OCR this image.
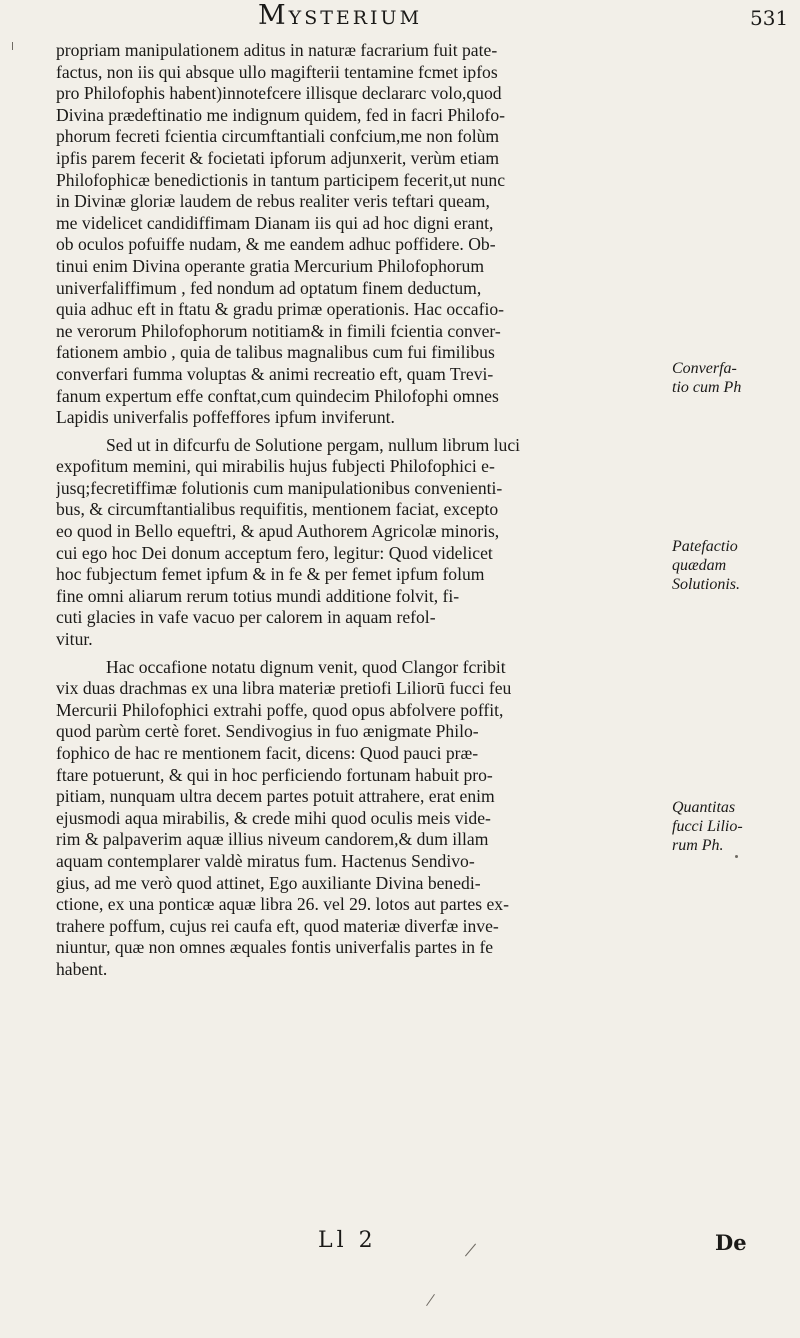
Mysterium	531
propriam manipulationem aditus in naturæ facrarium fuit pate-
factus, non iis qui absque ullo magifterii tentamine fcmet ipfos
pro Philofophis habent)innotefcere illisque declararc volo,quod
Divina prædeftinatio me indignum quidem, fed in facri Philofo-
phorum fecreti fcientia circumftantiali confcium,me non folùm
ipfis parem fecerit & focietati ipforum adjunxerit, verùm etiam
Philofophicæ benedictionis in tantum participem fecerit,ut nunc
in Divinæ gloriæ laudem de rebus realiter veris teftari queam,
me videlicet candidiffimam Dianam iis qui ad hoc digni erant,
ob oculos pofuiffe nudam, & me eandem adhuc poffidere. Ob-
tinui enim Divina operante gratia Mercurium Philofophorum
univerfaliffimum , fed nondum ad optatum finem deductum,
quia adhuc eft in ftatu & gradu primæ operationis. Hac occafio-
ne verorum Philofophorum notitiam& in fimili fcientia conver-
fationem ambio , quia de talibus magnalibus cum fui fimilibus
converfari fumma voluptas & animi recreatio eft, quam Trevi-
fanum expertum effe conftat,cum quindecim Philofophi omnes
Lapidis univerfalis poffeffores ipfum inviferunt.
Sed ut in difcurfu de Solutione pergam, nullum librum luci
expofitum memini, qui mirabilis hujus fubjecti Philofophici e-
jusq;fecretiffimæ folutionis cum manipulationibus convenienti-
bus, & circumftantialibus requifitis, mentionem faciat, excepto
eo quod in Bello equeftri, & apud Authorem Agricolæ minoris,
cui ego hoc Dei donum acceptum fero, legitur: Quod videlicet
hoc fubjectum femet ipfum & in fe & per femet ipfum folum
fine omni aliarum rerum totius mundi additione folvit, fi-
cuti glacies in vafe vacuo per calorem in aquam refol-
vitur.
Hac occafione notatu dignum venit, quod Clangor fcribit
vix duas drachmas ex una libra materiæ pretiofi Liliorū fucci feu
Mercurii Philofophici extrahi poffe, quod opus abfolvere poffit,
quod parùm certè foret. Sendivogius in fuo ænigmate Philo-
fophico de hac re mentionem facit, dicens: Quod pauci præ-
ftare potuerunt, & qui in hoc perficiendo fortunam habuit pro-
pitiam, nunquam ultra decem partes potuit attrahere, erat enim
ejusmodi aqua mirabilis, & crede mihi quod oculis meis vide-
rim & palpaverim aquæ illius niveum candorem,& dum illam
aquam contemplarer valdè miratus fum. Hactenus Sendivo-
gius, ad me verò quod attinet, Ego auxiliante Divina benedi-
ctione, ex una ponticæ aquæ libra 26. vel 29. lotos aut partes ex-
trahere poffum, cujus rei caufa eft, quod materiæ diverfæ inve-
niuntur, quæ non omnes æquales fontis univerfalis partes in fe
habent.
Converfa-
tio cum Ph
Patefactio
quædam
Solutionis.
Quantitas
fucci Lilio-
rum Ph.
Ll 2	De
